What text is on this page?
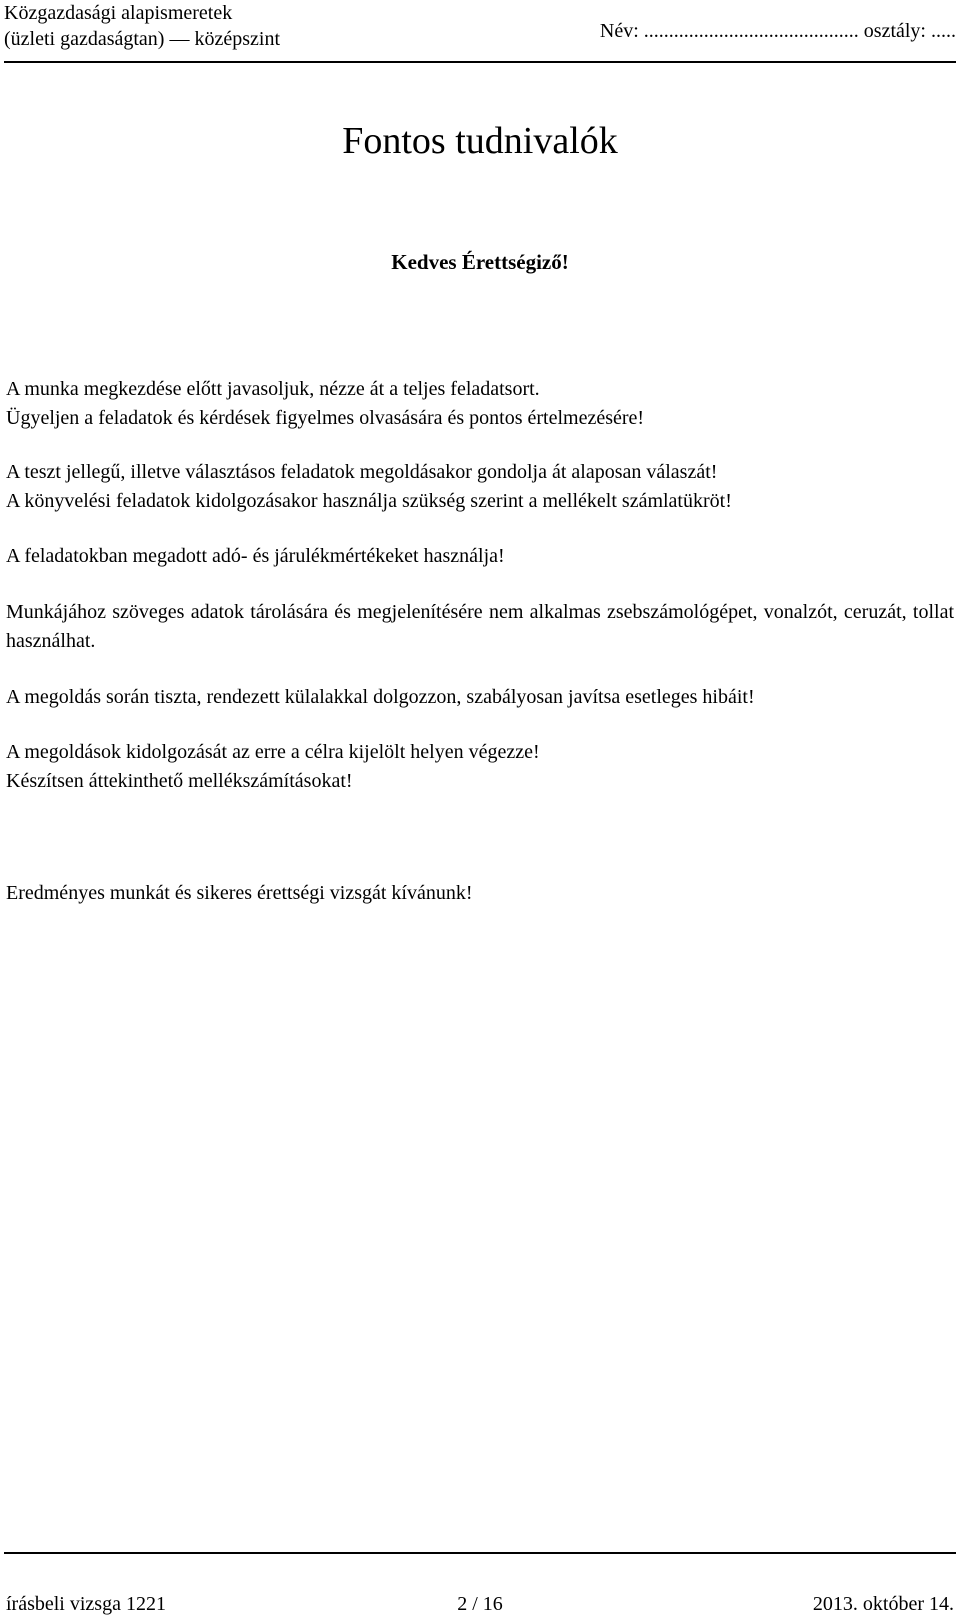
Közgazdasági alapismeretek
(üzleti gazdaságtan) — középszint	Név: ........................................... osztály: .....
Fontos tudnivalók
Kedves Érettségiző!
A munka megkezdése előtt javasoljuk, nézze át a teljes feladatsort.
Ügyeljen a feladatok és kérdések figyelmes olvasására és pontos értelmezésére!
A teszt jellegű, illetve választásos feladatok megoldásakor gondolja át alaposan válaszát!
A könyvelési feladatok kidolgozásakor használja szükség szerint a mellékelt számlatükröt!
A feladatokban megadott adó- és járulékmértékeket használja!
Munkájához szöveges adatok tárolására és megjelenítésére nem alkalmas zsebszámológépet, vonalzót, ceruzát, tollat használhat.
A megoldás során tiszta, rendezett külalakkal dolgozzon, szabályosan javítsa esetleges hibáit!
A megoldások kidolgozását az erre a célra kijelölt helyen végezze!
Készítsen áttekinthető mellékszámításokat!
Eredményes munkát és sikeres érettségi vizsgát kívánunk!
írásbeli vizsga 1221	2 / 16	2013. október 14.
